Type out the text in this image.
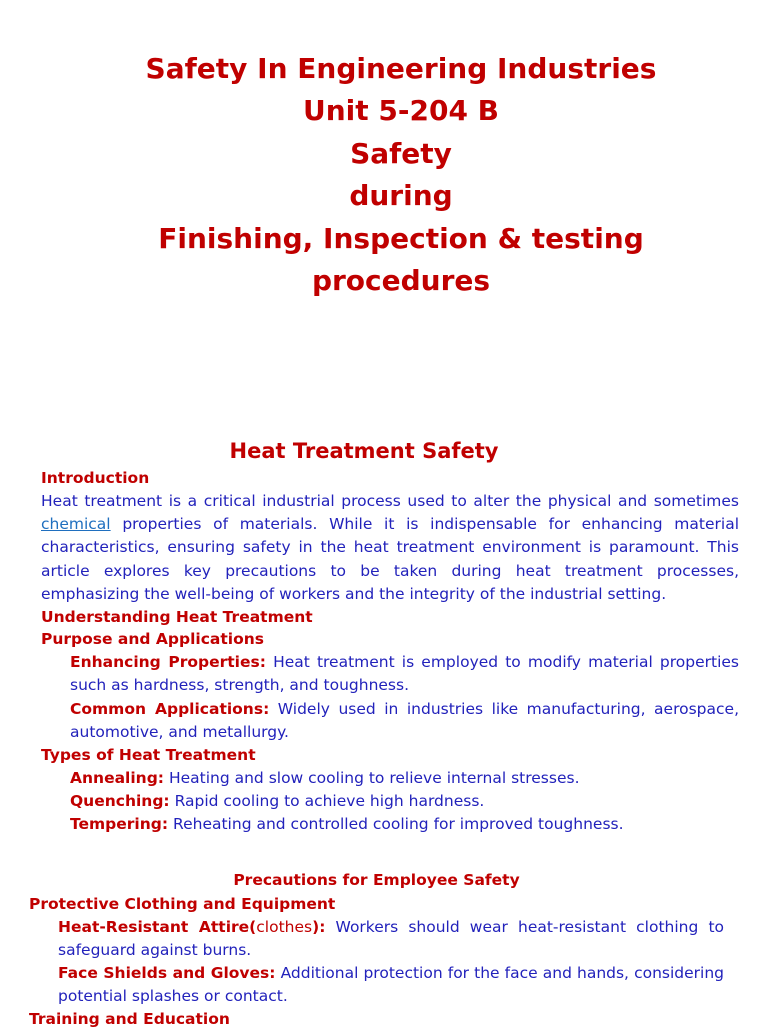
Safety In Engineering Industries
Unit 5-204 B
Safety
during
Finishing, Inspection & testing
procedures
Heat Treatment Safety
Introduction
Heat treatment is a critical industrial process used to alter the physical and sometimes chemical properties of materials. While it is indispensable for enhancing material characteristics, ensuring safety in the heat treatment environment is paramount. This article explores key precautions to be taken during heat treatment processes, emphasizing the well-being of workers and the integrity of the industrial setting.
Understanding Heat Treatment
Purpose and Applications
Enhancing Properties: Heat treatment is employed to modify material properties such as hardness, strength, and toughness.
Common Applications: Widely used in industries like manufacturing, aerospace, automotive, and metallurgy.
Types of Heat Treatment
Annealing: Heating and slow cooling to relieve internal stresses.
Quenching: Rapid cooling to achieve high hardness.
Tempering: Reheating and controlled cooling for improved toughness.
Precautions for Employee Safety
Protective Clothing and Equipment
Heat-Resistant Attire(clothes): Workers should wear heat-resistant clothing to safeguard against burns.
Face Shields and Gloves: Additional protection for the face and hands, considering potential splashes or contact.
Training and Education
